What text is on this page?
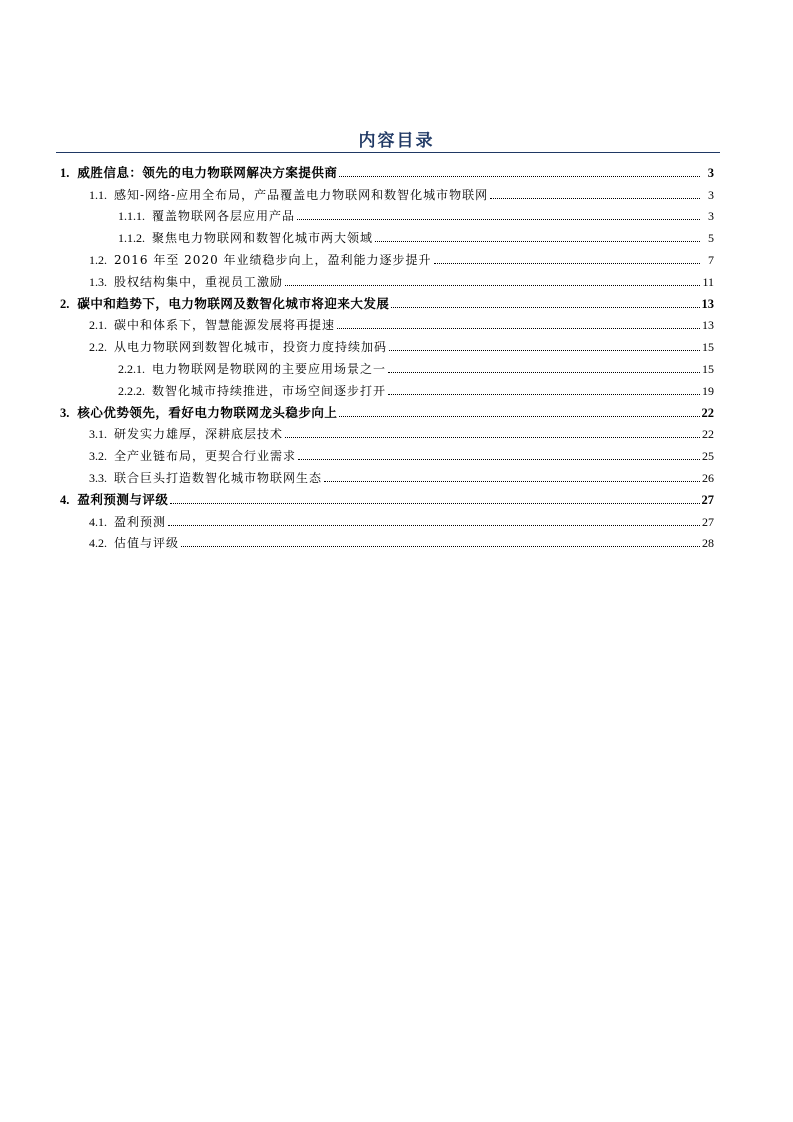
内容目录
1. 威胜信息：领先的电力物联网解决方案提供商	3
1.1. 感知-网络-应用全布局，产品覆盖电力物联网和数智化城市物联网	3
1.1.1. 覆盖物联网各层应用产品	3
1.1.2. 聚焦电力物联网和数智化城市两大领域	5
1.2. 2016 年至 2020 年业绩稳步向上，盈利能力逐步提升	7
1.3. 股权结构集中，重视员工激励	11
2. 碳中和趋势下，电力物联网及数智化城市将迎来大发展	13
2.1. 碳中和体系下，智慧能源发展将再提速	13
2.2. 从电力物联网到数智化城市，投资力度持续加码	15
2.2.1. 电力物联网是物联网的主要应用场景之一	15
2.2.2. 数智化城市持续推进，市场空间逐步打开	19
3. 核心优势领先，看好电力物联网龙头稳步向上	22
3.1. 研发实力雄厚，深耕底层技术	22
3.2. 全产业链布局，更契合行业需求	25
3.3. 联合巨头打造数智化城市物联网生态	26
4. 盈利预测与评级	27
4.1. 盈利预测	27
4.2. 估值与评级	28
